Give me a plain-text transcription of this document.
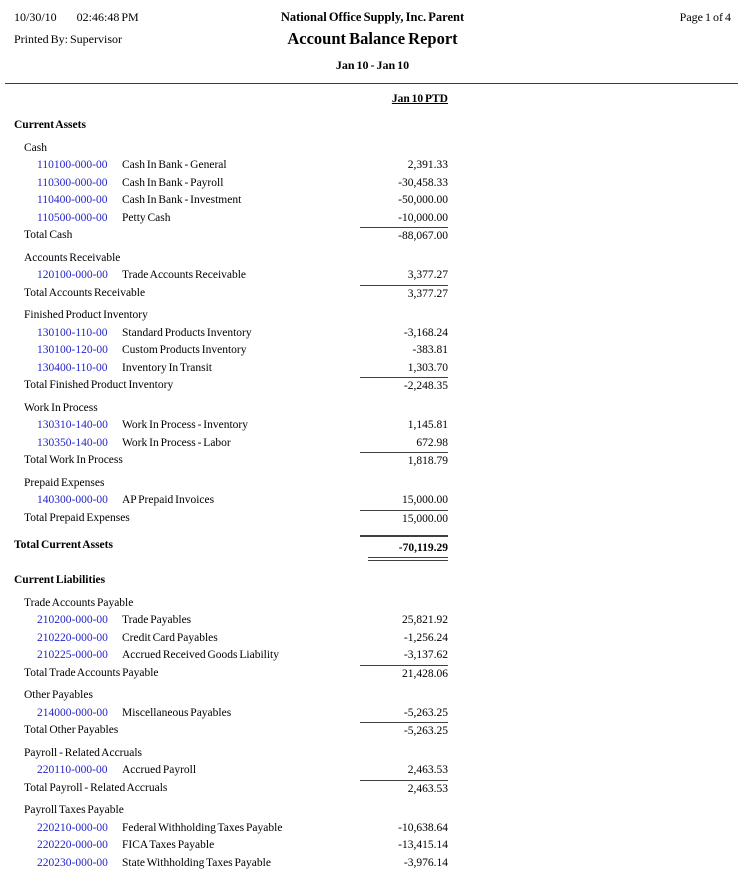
10/30/10 02:46:48 PM
Printed By: Supervisor
National Office Supply, Inc. Parent
Account Balance Report
Page 1 of 4
Jan 10 - Jan 10
Jan 10 PTD
Current Assets
Cash
110100-000-00 Cash In Bank - General	2,391.33
110300-000-00 Cash In Bank - Payroll	-30,458.33
110400-000-00 Cash In Bank - Investment	-50,000.00
110500-000-00 Petty Cash	-10,000.00
Total Cash	-88,067.00
Accounts Receivable
120100-000-00 Trade Accounts Receivable	3,377.27
Total Accounts Receivable	3,377.27
Finished Product Inventory
130100-110-00 Standard Products Inventory	-3,168.24
130100-120-00 Custom Products Inventory	-383.81
130400-110-00 Inventory In Transit	1,303.70
Total Finished Product Inventory	-2,248.35
Work In Process
130310-140-00 Work In Process - Inventory	1,145.81
130350-140-00 Work In Process - Labor	672.98
Total Work In Process	1,818.79
Prepaid Expenses
140300-000-00 AP Prepaid Invoices	15,000.00
Total Prepaid Expenses	15,000.00
Total Current Assets	-70,119.29
Current Liabilities
Trade Accounts Payable
210200-000-00 Trade Payables	25,821.92
210220-000-00 Credit Card Payables	-1,256.24
210225-000-00 Accrued Received Goods Liability	-3,137.62
Total Trade Accounts Payable	21,428.06
Other Payables
214000-000-00 Miscellaneous Payables	-5,263.25
Total Other Payables	-5,263.25
Payroll - Related Accruals
220110-000-00 Accrued Payroll	2,463.53
Total Payroll - Related Accruals	2,463.53
Payroll Taxes Payable
220210-000-00 Federal Withholding Taxes Payable	-10,638.64
220220-000-00 FICA Taxes Payable	-13,415.14
220230-000-00 State Withholding Taxes Payable	-3,976.14
